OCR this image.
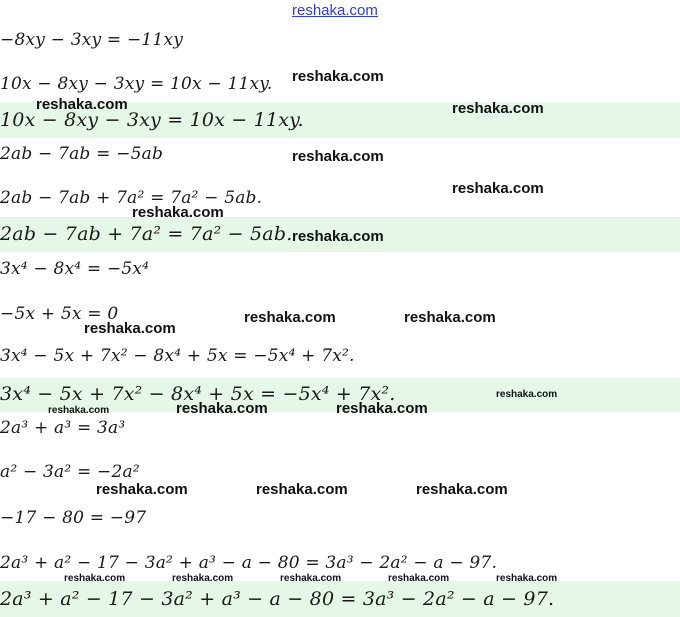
reshaka.com
−8xy − 3xy = −11xy
10x − 8xy − 3xy = 10x − 11xy.
10x − 8xy − 3xy = 10x − 11xy.
2ab − 7ab = −5ab
2ab − 7ab + 7a² = 7a² − 5ab.
2ab − 7ab + 7a² = 7a² − 5ab.
3x⁴ − 8x⁴ = −5x⁴
−5x + 5x = 0
3x⁴ − 5x + 7x² − 8x⁴ + 5x = −5x⁴ + 7x².
3x⁴ − 5x + 7x² − 8x⁴ + 5x = −5x⁴ + 7x².
2a³ + a³ = 3a³
a² − 3a² = −2a²
−17 − 80 = −97
2a³ + a² − 17 − 3a² + a³ − a − 80 = 3a³ − 2a² − a − 97.
2a³ + a² − 17 − 3a² + a³ − a − 80 = 3a³ − 2a² − a − 97.
reshaka.com
reshaka.com	reshaka.com
reshaka.com
reshaka.com
reshaka.com
reshaka.com
reshaka.com	reshaka.com
reshaka.com
reshaka.com
reshaka.com	reshaka.com	reshaka.com
reshaka.com	reshaka.com	reshaka.com
reshaka.com	reshaka.com	reshaka.com	reshaka.com	reshaka.com
